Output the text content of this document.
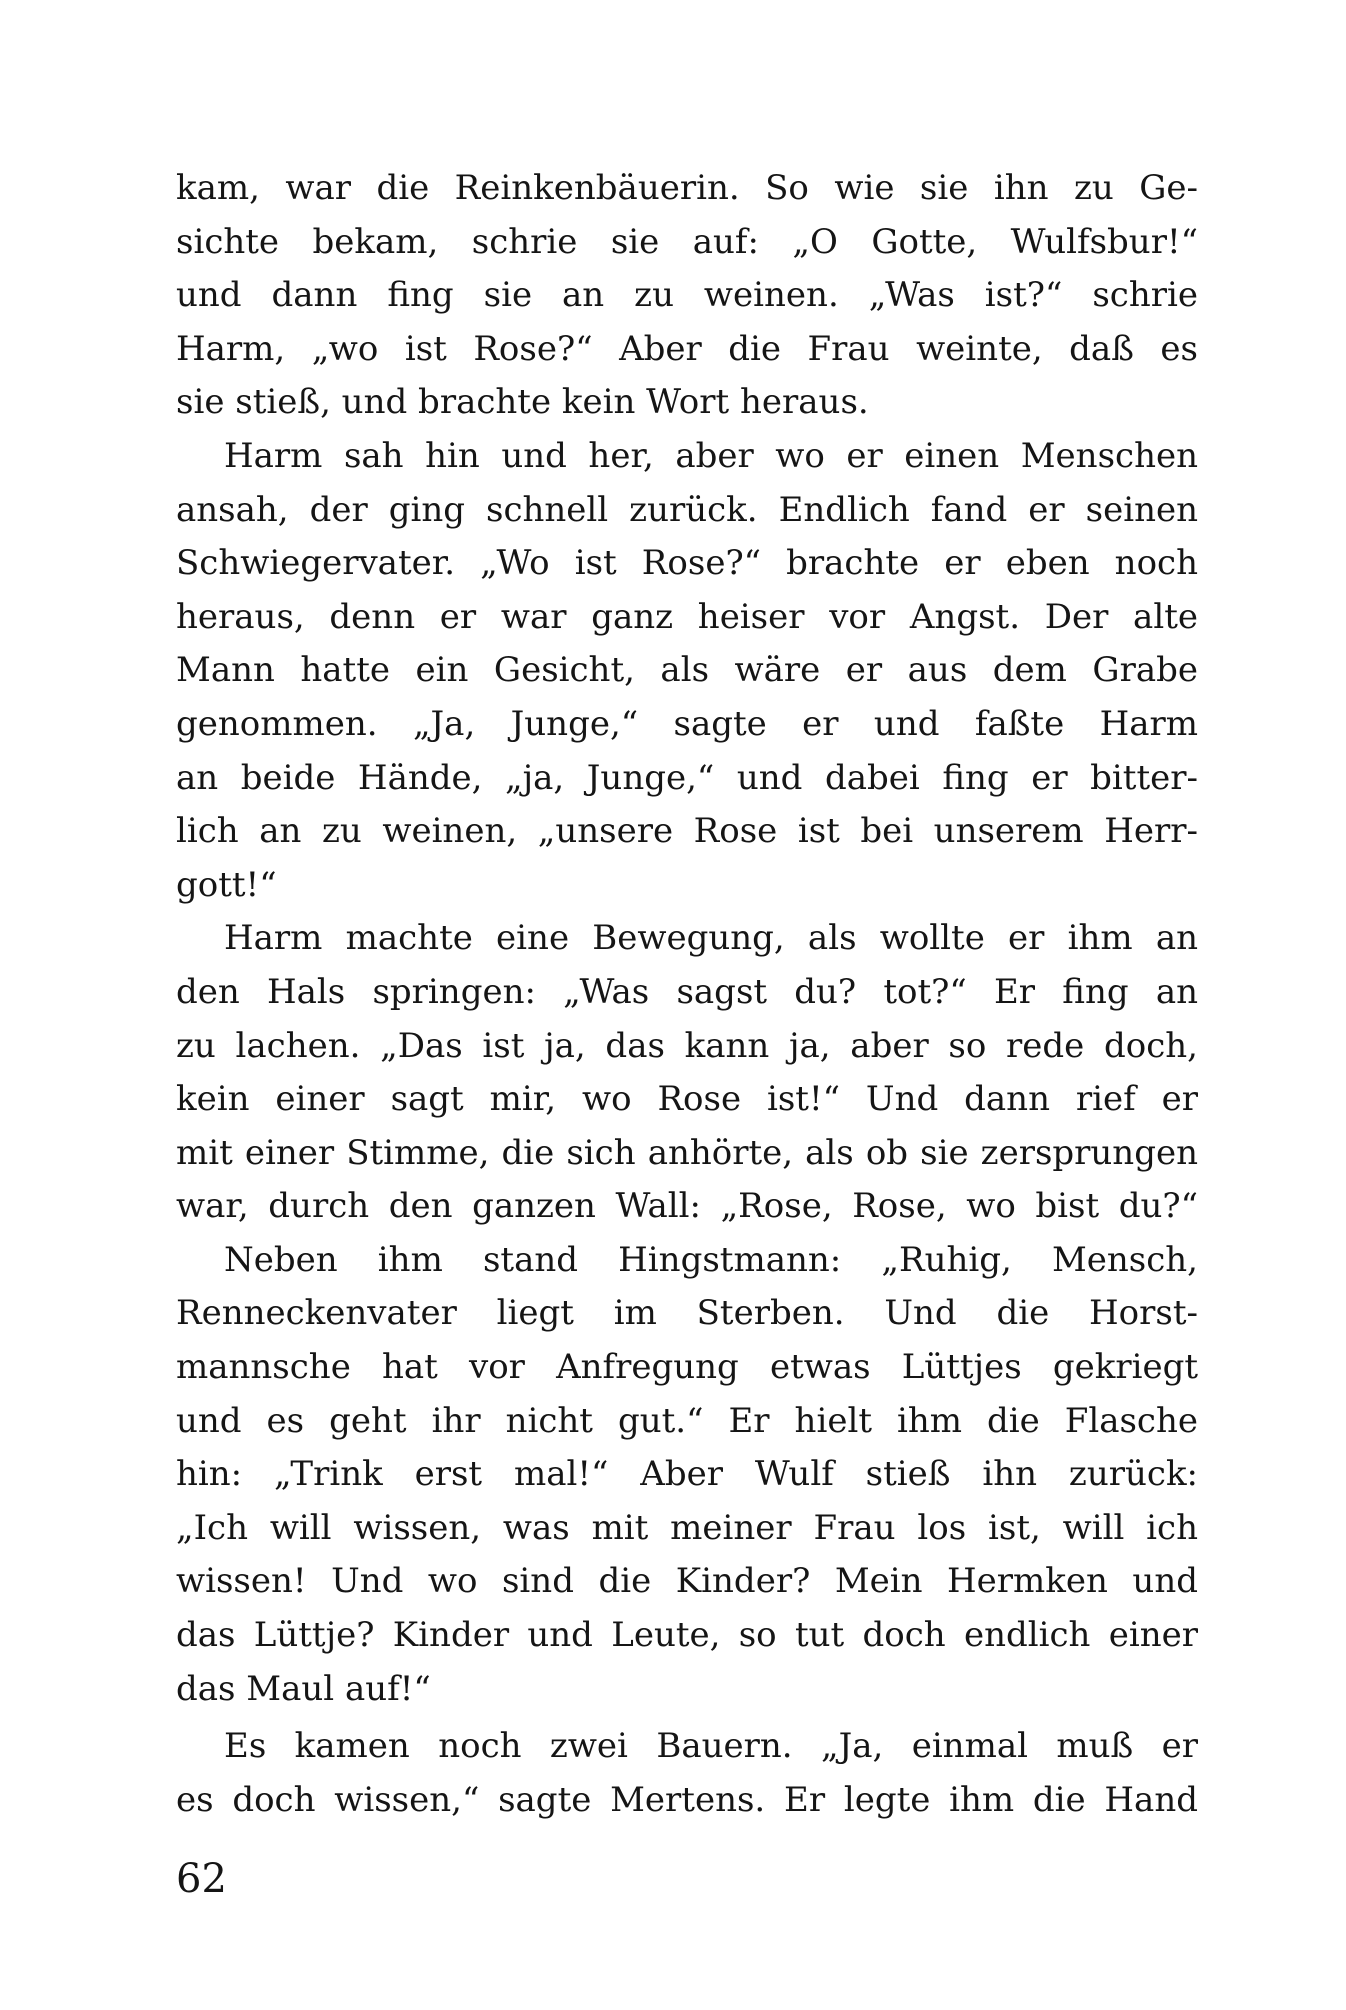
kam, war die Reinkenbäuerin. So wie sie ihn zu Ge-
sichte bekam, schrie sie auf: „O Gotte, Wulfsbur!“
und dann fing sie an zu weinen. „Was ist?“ schrie
Harm, „wo ist Rose?“ Aber die Frau weinte, daß es
sie stieß, und brachte kein Wort heraus.
Harm sah hin und her, aber wo er einen Menschen
ansah, der ging schnell zurück. Endlich fand er seinen
Schwiegervater. „Wo ist Rose?“ brachte er eben noch
heraus, denn er war ganz heiser vor Angst. Der alte
Mann hatte ein Gesicht, als wäre er aus dem Grabe
genommen. „Ja, Junge,“ sagte er und faßte Harm
an beide Hände, „ja, Junge,“ und dabei fing er bitter-
lich an zu weinen, „unsere Rose ist bei unserem Herr-
gott!“
Harm machte eine Bewegung, als wollte er ihm an
den Hals springen: „Was sagst du? tot?“ Er fing an
zu lachen. „Das ist ja, das kann ja, aber so rede doch,
kein einer sagt mir, wo Rose ist!“ Und dann rief er
mit einer Stimme, die sich anhörte, als ob sie zersprungen
war, durch den ganzen Wall: „Rose, Rose, wo bist du?“
Neben ihm stand Hingstmann: „Ruhig, Mensch,
Renneckenvater liegt im Sterben. Und die Horst-
mannsche hat vor Anfregung etwas Lüttjes gekriegt
und es geht ihr nicht gut.“ Er hielt ihm die Flasche
hin: „Trink erst mal!“ Aber Wulf stieß ihn zurück:
„Ich will wissen, was mit meiner Frau los ist, will ich
wissen! Und wo sind die Kinder? Mein Hermken und
das Lüttje? Kinder und Leute, so tut doch endlich einer
das Maul auf!“
Es kamen noch zwei Bauern. „Ja, einmal muß er
es doch wissen,“ sagte Mertens. Er legte ihm die Hand
62
